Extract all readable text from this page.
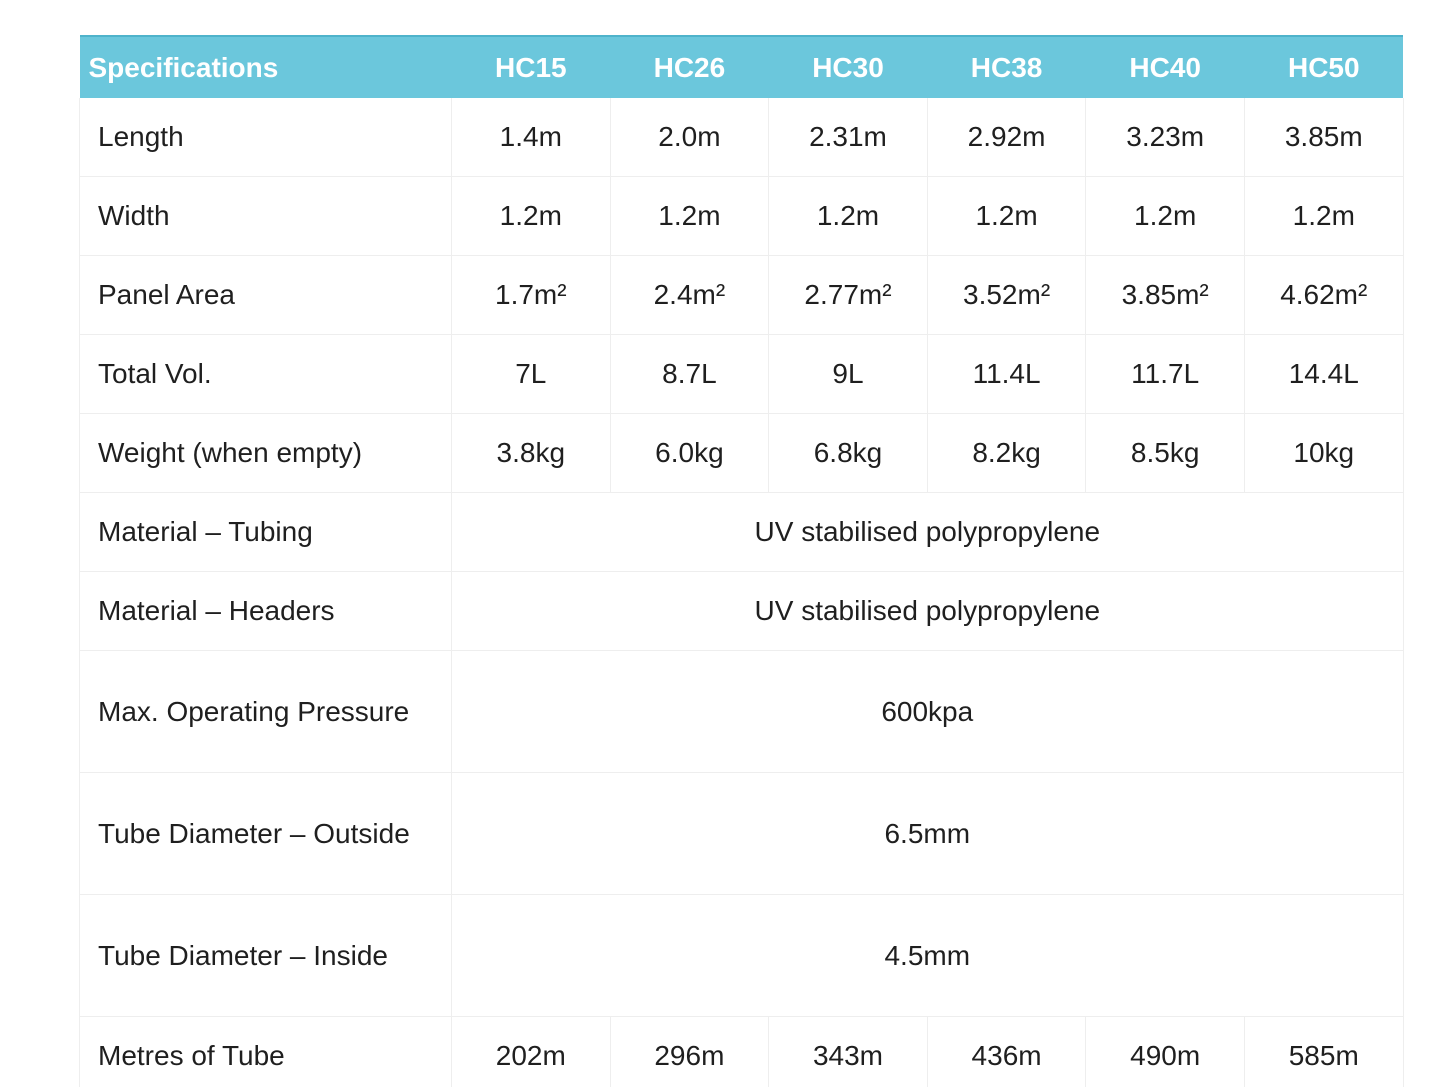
Specifications	HC15	HC26	HC30	HC38	HC40	HC50
Length	1.4m	2.0m	2.31m	2.92m	3.23m	3.85m
Width	1.2m	1.2m	1.2m	1.2m	1.2m	1.2m
Panel Area	1.7m²	2.4m²	2.77m²	3.52m²	3.85m²	4.62m²
Total Vol.	7L	8.7L	9L	11.4L	11.7L	14.4L
Weight (when empty)	3.8kg	6.0kg	6.8kg	8.2kg	8.5kg	10kg
Material – Tubing	UV stabilised polypropylene					
Material – Headers	UV stabilised polypropylene					
Max. Operating Pressure	600kpa					
Tube Diameter – Outside	6.5mm					
Tube Diameter – Inside	4.5mm					
Metres of Tube	202m	296m	343m	436m	490m	585m
